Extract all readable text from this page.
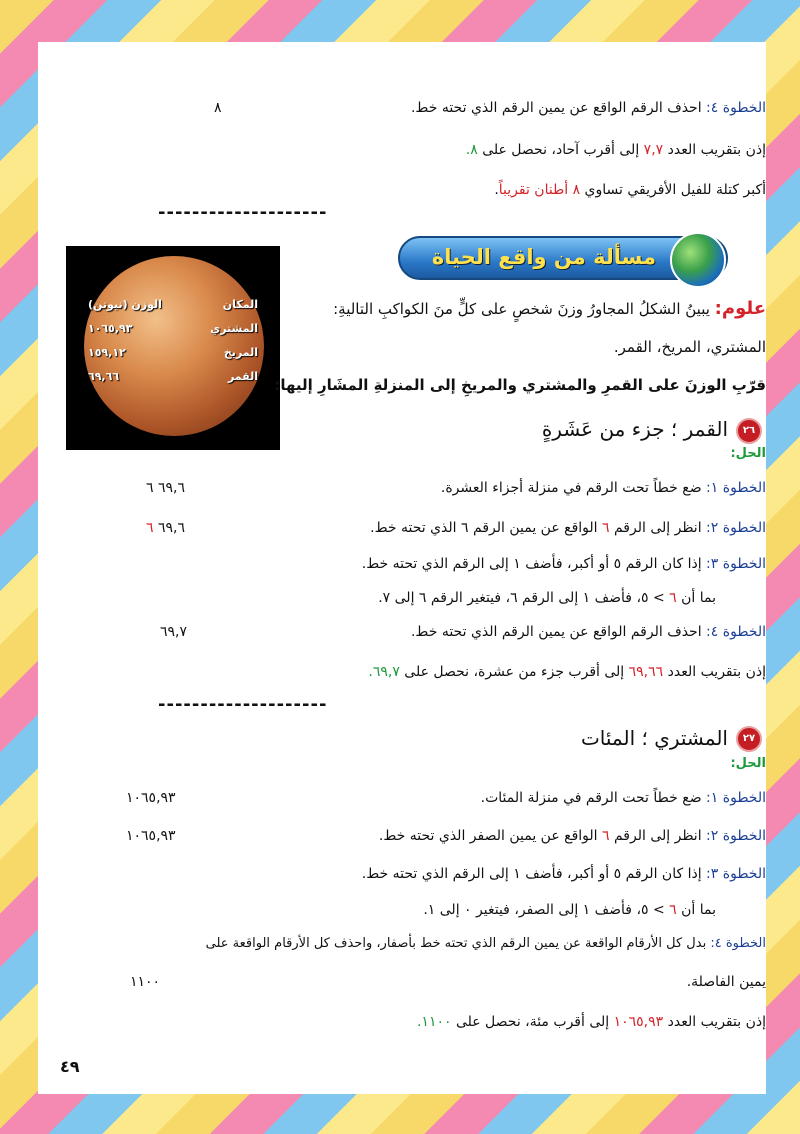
الخطوة ٤: احذف الرقم الواقع عن يمين الرقم الذي تحته خط.
٨
إذن بتقريب العدد ٧,٧ إلى أقرب آحاد، نحصل على ٨.
أكبر كتلة للفيل الأفريقي تساوي ٨ أطنان تقريباً.
--------------------
مسألة من واقع الحياة
المكان
الوزن (نيوتن)
المشتري
١٠٦٥,٩٣
المريخ
١٥٩,١٢
القمر
٦٩,٦٦
علوم: يبينُ الشكلُ المجاورُ وزنَ شخصٍ على كلٍّ منَ الكواكبِ التاليةِ:
المشتري، المريخ، القمر.
قرّبِ الوزنَ على القمرِ والمشتري والمريخِ إلى المنزلةِ المشَارِ إليها:
٢٦
القمر ؛ جزء من عَشَرةٍ
الحل:
الخطوة ١: ضع خطاً تحت الرقم في منزلة أجزاء العشرة.
٦٩,٦ ٦
الخطوة ٢: انظر إلى الرقم ٦ الواقع عن يمين الرقم ٦ الذي تحته خط.
٦٩,٦ ٦
الخطوة ٣: إذا كان الرقم ٥ أو أكبر، فأضف ١ إلى الرقم الذي تحته خط.
بما أن ٦ > ٥، فأضف ١ إلى الرقم ٦، فيتغير الرقم ٦ إلى ٧.
الخطوة ٤: احذف الرقم الواقع عن يمين الرقم الذي تحته خط.
٦٩,٧
إذن بتقريب العدد ٦٩,٦٦ إلى أقرب جزء من عشرة، نحصل على ٦٩,٧.
--------------------
٢٧
المشتري ؛ المئات
الحل:
الخطوة ١: ضع خطاً تحت الرقم في منزلة المئات.
١٠٦٥,٩٣
الخطوة ٢: انظر إلى الرقم ٦ الواقع عن يمين الصفر الذي تحته خط.
١٠٦٥,٩٣
الخطوة ٣: إذا كان الرقم ٥ أو أكبر، فأضف ١ إلى الرقم الذي تحته خط.
بما أن ٦ > ٥، فأضف ١ إلى الصفر، فيتغير ٠ إلى ١.
الخطوة ٤: بدل كل الأرقام الواقعة عن يمين الرقم الذي تحته خط بأصفار، واحذف كل الأرقام الواقعة على
يمين الفاصلة.
١١٠٠
إذن بتقريب العدد ١٠٦٥,٩٣ إلى أقرب مئة، نحصل على ١١٠٠.
٤٩
